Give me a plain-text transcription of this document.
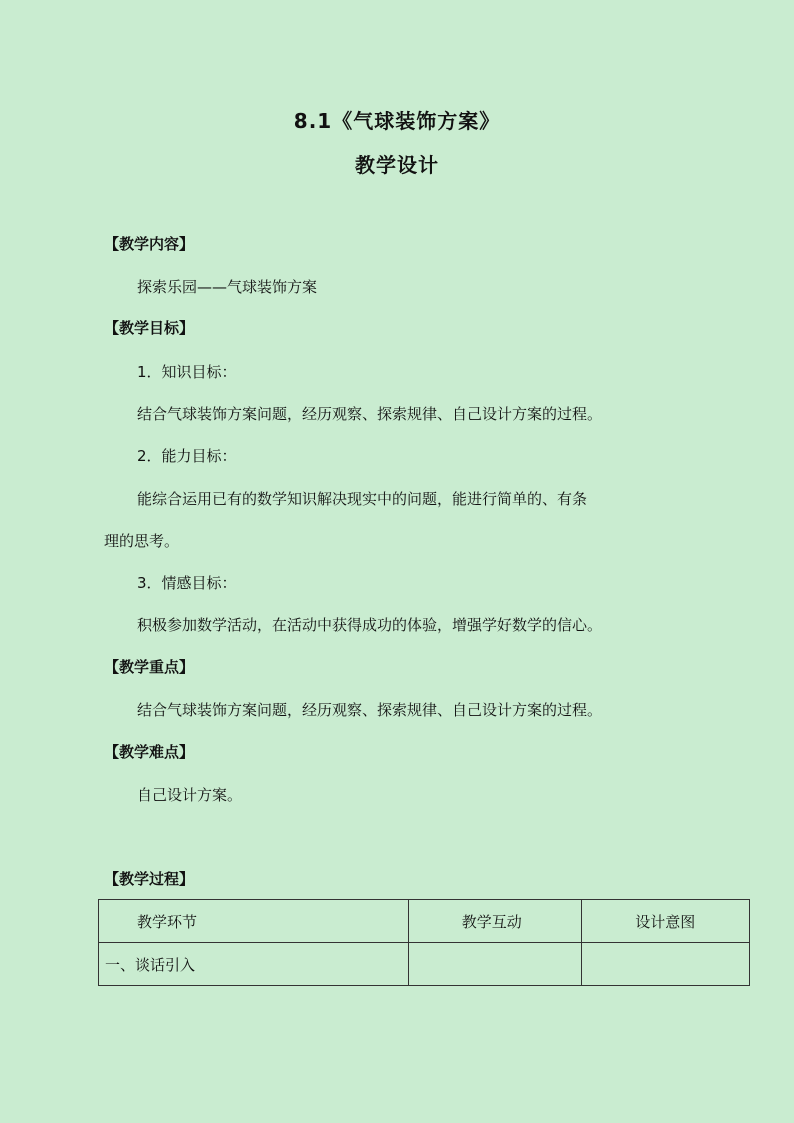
8.1《气球装饰方案》
教学设计
【教学内容】
探索乐园——气球装饰方案
【教学目标】
1．知识目标：
结合气球装饰方案问题，经历观察、探索规律、自己设计方案的过程。
2．能力目标：
能综合运用已有的数学知识解决现实中的问题，能进行简单的、有条
理的思考。
3．情感目标：
积极参加数学活动，在活动中获得成功的体验，增强学好数学的信心。
【教学重点】
结合气球装饰方案问题，经历观察、探索规律、自己设计方案的过程。
【教学难点】
自己设计方案。
【教学过程】
教学环节	教学互动	设计意图
一、谈话引入		
